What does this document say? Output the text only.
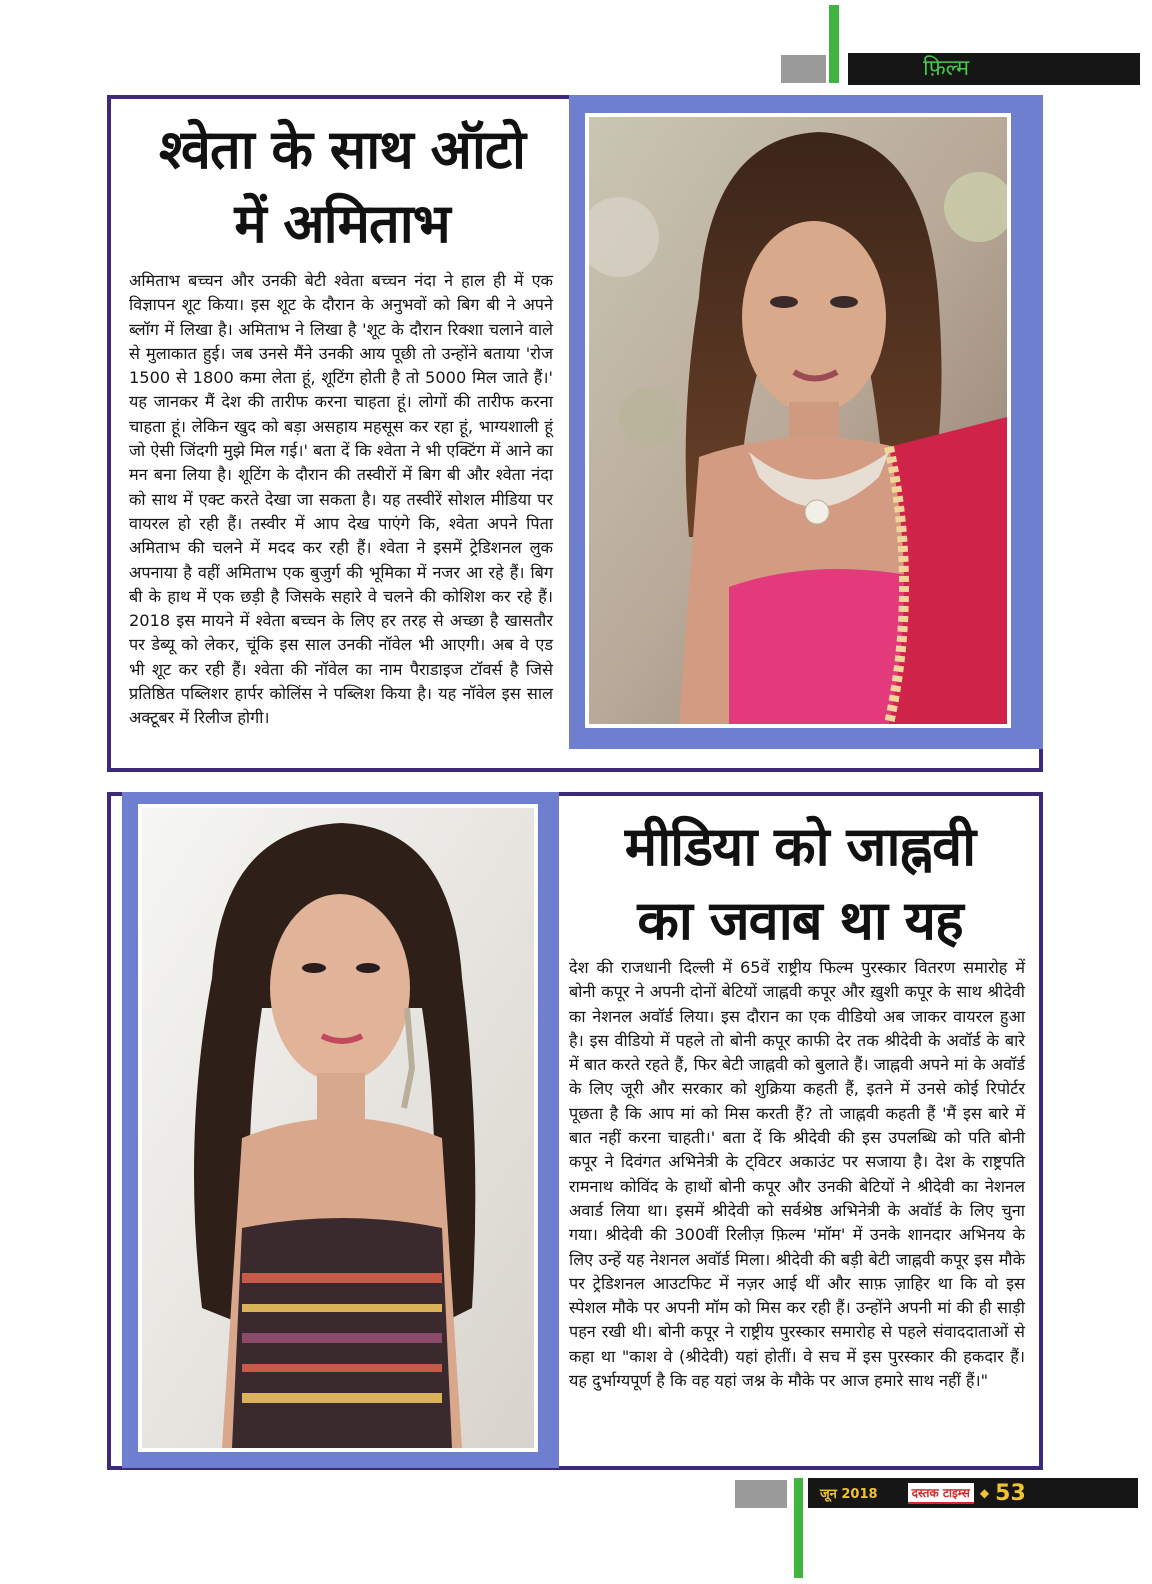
फ़िल्म
श्वेता के साथ ऑटो
में अमिताभ

अमिताभ बच्चन और उनकी बेटी श्वेता बच्चन नंदा ने हाल ही में एक विज्ञापन शूट किया। इस शूट के दौरान के अनुभवों को बिग बी ने अपने ब्लॉग में लिखा है। अमिताभ ने लिखा है 'शूट के दौरान रिक्शा चलाने वाले से मुलाकात हुई। जब उनसे मैंने उनकी आय पूछी तो उन्होंने बताया 'रोज 1500 से 1800 कमा लेता हूं, शूटिंग होती है तो 5000 मिल जाते हैं।' यह जानकर मैं देश की तारीफ करना चाहता हूं। लोगों की तारीफ करना चाहता हूं। लेकिन खुद को बड़ा असहाय महसूस कर रहा हूं, भाग्यशाली हूं जो ऐसी जिंदगी मुझे मिल गई।' बता दें कि श्वेता ने भी एक्टिंग में आने का मन बना लिया है। शूटिंग के दौरान की तस्वीरों में बिग बी और श्वेता नंदा को साथ में एक्ट करते देखा जा सकता है। यह तस्वीरें सोशल मीडिया पर वायरल हो रही हैं। तस्वीर में आप देख पाएंगे कि, श्वेता अपने पिता अमिताभ की चलने में मदद कर रही हैं। श्वेता ने इसमें ट्रेडिशनल लुक अपनाया है वहीं अमिताभ एक बुजुर्ग की भूमिका में नजर आ रहे हैं। बिग बी के हाथ में एक छड़ी है जिसके सहारे वे चलने की कोशिश कर रहे हैं। 2018 इस मायने में श्वेता बच्चन के लिए हर तरह से अच्छा है खासतौर पर डेब्यू को लेकर, चूंकि इस साल उनकी नॉवेल भी आएगी। अब वे एड भी शूट कर रही हैं। श्वेता की नॉवेल का नाम पैराडाइज टॉवर्स है जिसे प्रतिष्ठित पब्लिशर हार्पर कोलिंस ने पब्लिश किया है। यह नॉवेल इस साल अक्टूबर में रिलीज होगी।

मीडिया को जाह्नवी
का जवाब था यह

देश की राजधानी दिल्ली में 65वें राष्ट्रीय फिल्म पुरस्कार वितरण समारोह में बोनी कपूर ने अपनी दोनों बेटियों जाह्नवी कपूर और ख़ुशी कपूर के साथ श्रीदेवी का नेशनल अवॉर्ड लिया। इस दौरान का एक वीडियो अब जाकर वायरल हुआ है। इस वीडियो में पहले तो बोनी कपूर काफी देर तक श्रीदेवी के अवॉर्ड के बारे में बात करते रहते हैं, फिर बेटी जाह्नवी को बुलाते हैं। जाह्नवी अपने मां के अवॉर्ड के लिए जूरी और सरकार को शुक्रिया कहती हैं, इतने में उनसे कोई रिपोर्टर पूछता है कि आप मां को मिस करती हैं? तो जाह्नवी कहती हैं 'मैं इस बारे में बात नहीं करना चाहती।' बता दें कि श्रीदेवी की इस उपलब्धि को पति बोनी कपूर ने दिवंगत अभिनेत्री के ट्विटर अकाउंट पर सजाया है। देश के राष्ट्रपति रामनाथ कोविंद के हाथों बोनी कपूर और उनकी बेटियों ने श्रीदेवी का नेशनल अवार्ड लिया था। इसमें श्रीदेवी को सर्वश्रेष्ठ अभिनेत्री के अवॉर्ड के लिए चुना गया। श्रीदेवी की 300वीं रिलीज़ फ़िल्म 'मॉम' में उनके शानदार अभिनय के लिए उन्हें यह नेशनल अवॉर्ड मिला। श्रीदेवी की बड़ी बेटी जाह्नवी कपूर इस मौके पर ट्रेडिशनल आउटफिट में नज़र आई थीं और साफ़ ज़ाहिर था कि वो इस स्पेशल मौके पर अपनी मॉम को मिस कर रही हैं। उन्होंने अपनी मां की ही साड़ी पहन रखी थी। बोनी कपूर ने राष्ट्रीय पुरस्कार समारोह से पहले संवाददाताओं से कहा था "काश वे (श्रीदेवी) यहां होतीं। वे सच में इस पुरस्कार की हकदार हैं। यह दुर्भाग्यपूर्ण है कि वह यहां जश्न के मौके पर आज हमारे साथ नहीं हैं।"

जून 2018	दस्तक टाइम्स ◆ 53
